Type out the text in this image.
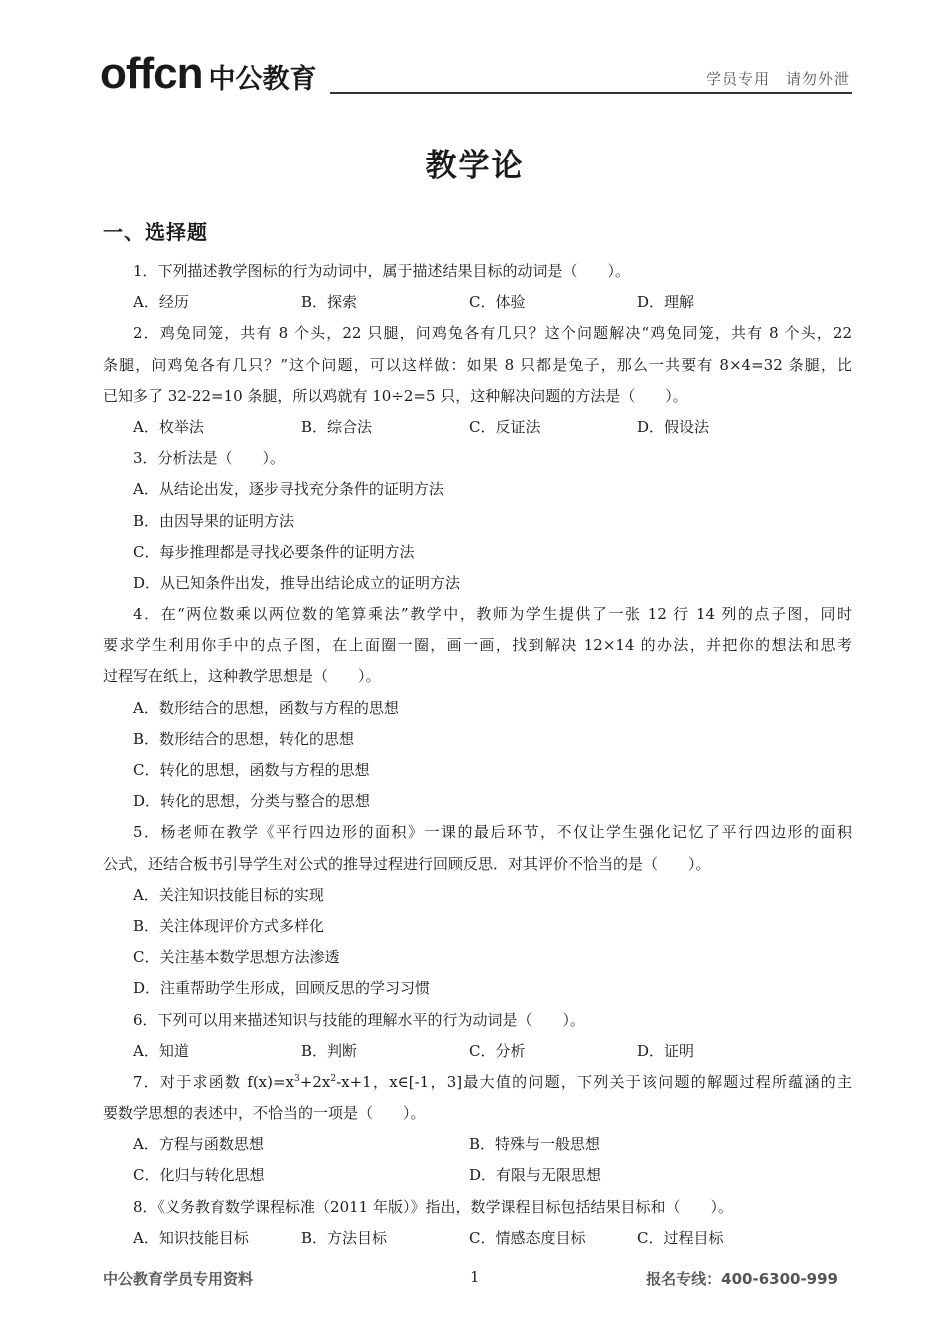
offcn 中公教育	学员专用 请勿外泄
教学论
一、选择题
1．下列描述教学图标的行为动词中，属于描述结果目标的动词是（　　）。
A．经历	B．探索	C．体验	D．理解
2．鸡兔同笼，共有 8 个头，22 只腿，问鸡兔各有几只？这个问题解决“鸡兔同笼，共有 8 个头，22
条腿，问鸡兔各有几只？”这个问题，可以这样做：如果 8 只都是兔子，那么一共要有 8×4=32 条腿，比
已知多了 32-22=10 条腿，所以鸡就有 10÷2=5 只，这种解决问题的方法是（　　）。
A．枚举法	B．综合法	C．反证法	D．假设法
3．分析法是（　　）。
A．从结论出发，逐步寻找充分条件的证明方法
B．由因导果的证明方法
C．每步推理都是寻找必要条件的证明方法
D．从已知条件出发，推导出结论成立的证明方法
4．在“两位数乘以两位数的笔算乘法”教学中，教师为学生提供了一张 12 行 14 列的点子图，同时
要求学生利用你手中的点子图，在上面圈一圈，画一画，找到解决 12×14 的办法，并把你的想法和思考
过程写在纸上，这种教学思想是（　　）。
A．数形结合的思想，函数与方程的思想
B．数形结合的思想，转化的思想
C．转化的思想，函数与方程的思想
D．转化的思想，分类与整合的思想
5．杨老师在教学《平行四边形的面积》一课的最后环节，不仅让学生强化记忆了平行四边形的面积
公式，还结合板书引导学生对公式的推导过程进行回顾反思．对其评价不恰当的是（　　）。
A．关注知识技能目标的实现
B．关注体现评价方式多样化
C．关注基本数学思想方法渗透
D．注重帮助学生形成，回顾反思的学习习惯
6．下列可以用来描述知识与技能的理解水平的行为动词是（　　）。
A．知道	B．判断	C．分析	D．证明
7．对于求函数 $f(x)=x^3+2x^2-x+1$，x∈[-1，3]最大值的问题，下列关于该问题的解题过程所蕴涵的主
要数学思想的表述中，不恰当的一项是（　　）。
A．方程与函数思想	B．特殊与一般思想
C．化归与转化思想	D．有限与无限思想
8．《义务教育数学课程标准（2011 年版）》指出，数学课程目标包括结果目标和（　　）。
A．知识技能目标	B．方法目标	C．情感态度目标	C．过程目标
中公教育学员专用资料	1	报名专线：400-6300-999
